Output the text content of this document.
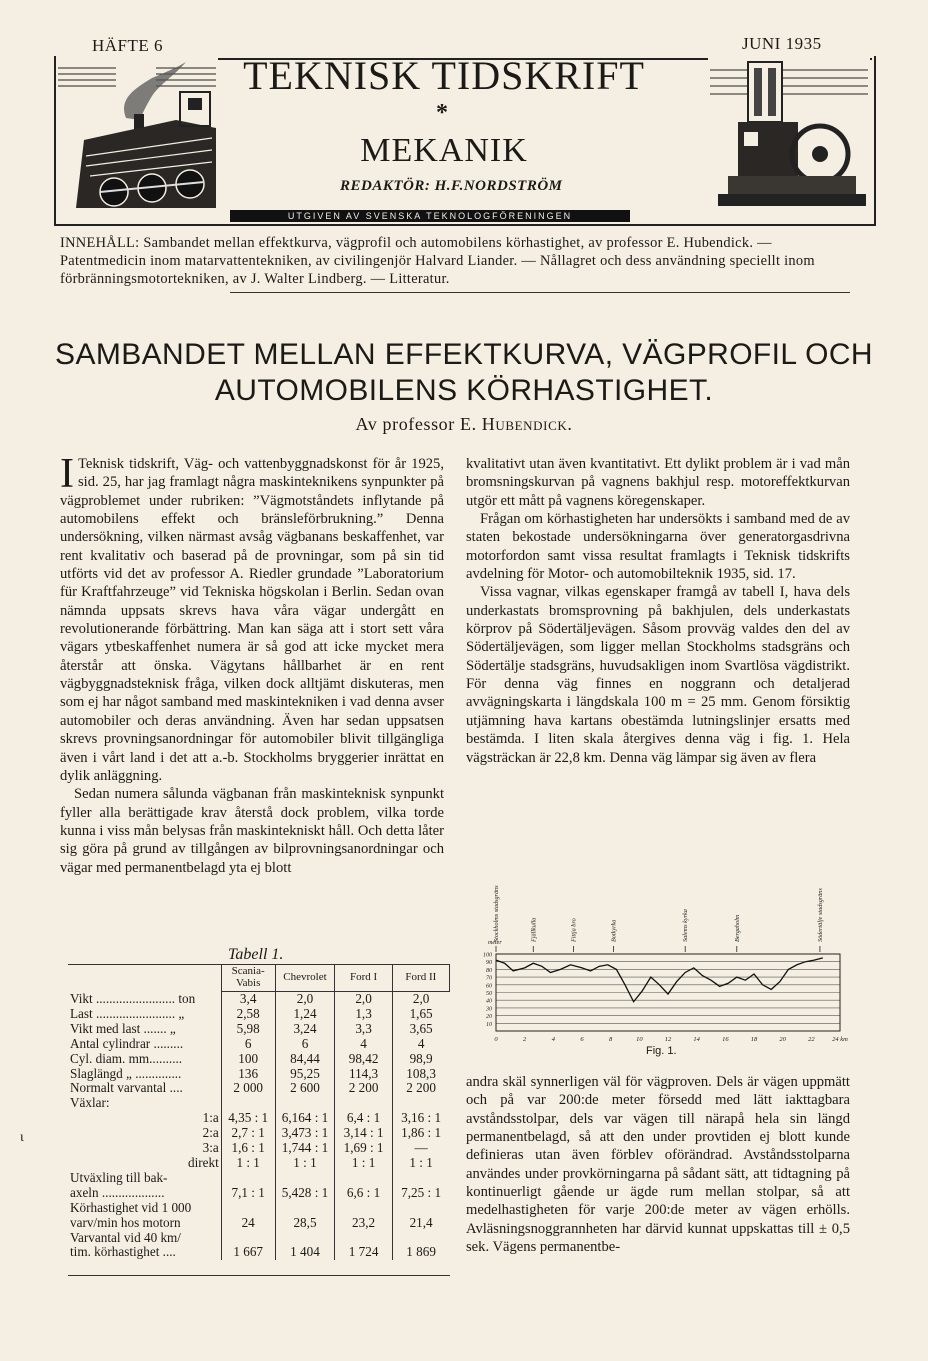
HÄFTE 6	JUNI 1935
TEKNISK TIDSKRIFT
*
MEKANIK
REDAKTÖR: H.F.NORDSTRÖM
UTGIVEN AV SVENSKA TEKNOLOGFÖRENINGEN
INNEHÅLL: Sambandet mellan effektkurva, vägprofil och automobilens körhastighet, av professor E. Hubendick. — Patentmedicin inom matarvattentekniken, av civilingenjör Halvard Liander. — Nållagret och dess användning speciellt inom förbränningsmotortekniken, av J. Walter Lindberg. — Litteratur.
SAMBANDET MELLAN EFFEKTKURVA, VÄGPROFIL OCH
AUTOMOBILENS KÖRHASTIGHET.
Av professor E. Hubendick.

I Teknisk tidskrift, Väg- och vattenbyggnadskonst för år 1925, sid. 25, har jag framlagt några maskinteknikens synpunkter på vägproblemet under rubriken: ”Vägmotståndets inflytande på automobilens effekt och bränsleförbrukning.” Denna undersökning, vilken närmast avsåg vägbanans beskaffenhet, var rent kvalitativ och baserad på de provningar, som på sin tid utförts vid det av professor A. Riedler grundade ”Laboratorium für Kraftfahrzeuge” vid Tekniska högskolan i Berlin. Sedan ovan nämnda uppsats skrevs hava våra vägar undergått en revolutionerande förbättring. Man kan säga att i stort sett våra vägars ytbeskaffenhet numera är så god att icke mycket mera återstår att önska. Vägytans hållbarhet är en rent vägbyggnadsteknisk fråga, vilken dock alltjämt diskuteras, men som ej har något samband med maskintekniken i vad denna avser automobiler och deras användning. Även har sedan uppsatsen skrevs provningsanordningar för automobiler blivit tillgängliga även i vårt land i det att a.-b. Stockholms bryggerier inrättat en dylik anläggning.

Sedan numera sålunda vägbanan från maskinteknisk synpunkt fyller alla berättigade krav återstå dock problem, vilka torde kunna i viss mån belysas från maskintekniskt håll. Och detta låter sig göra på grund av tillgången av bilprovningsanordningar och vägar med permanentbelagd yta ej blott

Tabell 1.
	Scania-Vabis	Chevrolet	Ford I	Ford II
Vikt ........................ ton	3,4	2,0	2,0	2,0
Last ........................ „	2,58	1,24	1,3	1,65
Vikt med last ....... „	5,98	3,24	3,3	3,65
Antal cylindrar .........	6	6	4	4
Cyl. diam. mm..........	100	84,44	98,42	98,9
Slaglängd „ ..............	136	95,25	114,3	108,3
Normalt varvantal ....	2 000	2 600	2 200	2 200
Växlar:				
1:a	4,35 : 1	6,164 : 1	6,4 : 1	3,16 : 1
2:a	2,7 : 1	3,473 : 1	3,14 : 1	1,86 : 1
3:a	1,6 : 1	1,744 : 1	1,69 : 1	—
direkt	1 : 1	1 : 1	1 : 1	1 : 1
Utväxling till bak-				
axeln ...................	7,1 : 1	5,428 : 1	6,6 : 1	7,25 : 1
Körhastighet vid 1 000				
varv/min hos motorn	24	28,5	23,2	21,4
Varvantal vid 40 km/				
tim. körhastighet ....	1 667	1 404	1 724	1 869

kvalitativt utan även kvantitativt. Ett dylikt problem är i vad mån bromsningskurvan på vagnens bakhjul resp. motoreffektkurvan utgör ett mått på vagnens köregenskaper.

Frågan om körhastigheten har undersökts i samband med de av staten bekostade undersökningarna över generatorgasdrivna motorfordon samt vissa resultat framlagts i Teknisk tidskrifts avdelning för Motor- och automobilteknik 1935, sid. 17.

Vissa vagnar, vilkas egenskaper framgå av tabell I, hava dels underkastats bromsprovning på bakhjulen, dels underkastats körprov på Södertäljevägen. Såsom provväg valdes den del av Södertäljevägen, som ligger mellan Stockholms stadsgräns och Södertälje stadsgräns, huvudsakligen inom Svartlösa vägdistrikt. För denna väg finnes en noggrann och detaljerad avvägningskarta i längdskala 100 m = 25 mm. Genom försiktig utjämning hava kartans obestämda lutningslinjer ersatts med bestämda. I liten skala återgives denna väg i fig. 1. Hela vägsträckan är 22,8 km. Denna väg lämpar sig även av flera

10
20
30
40
50
60
70
80
90
100
meter
0	2	4	6	8	10	12	14	16	18	20	22	24 km
Stockholms stadsgräns	Fjällkulla	Fittja bro	Botkyrka	Salems kyrka	Bergaholm	Södertälje stadsgräns
Fig. 1.

andra skäl synnerligen väl för vägproven. Dels är vägen uppmätt och på var 200:de meter försedd med lätt iakttagbara avståndsstolpar, dels var vägen till närapå hela sin längd permanentbelagd, så att den under provtiden ej blott kunde definieras utan även förblev oförändrad. Avståndsstolparna användes under provkörningarna på sådant sätt, att tidtagning på kontinuerligt gående ur ägde rum mellan stolpar, så att medelhastigheten för varje 200:de meter av vägen erhölls. Avläsningsnoggrannheten har därvid kunnat uppskattas till ± 0,5 sek. Vägens permanentbe-

ι
